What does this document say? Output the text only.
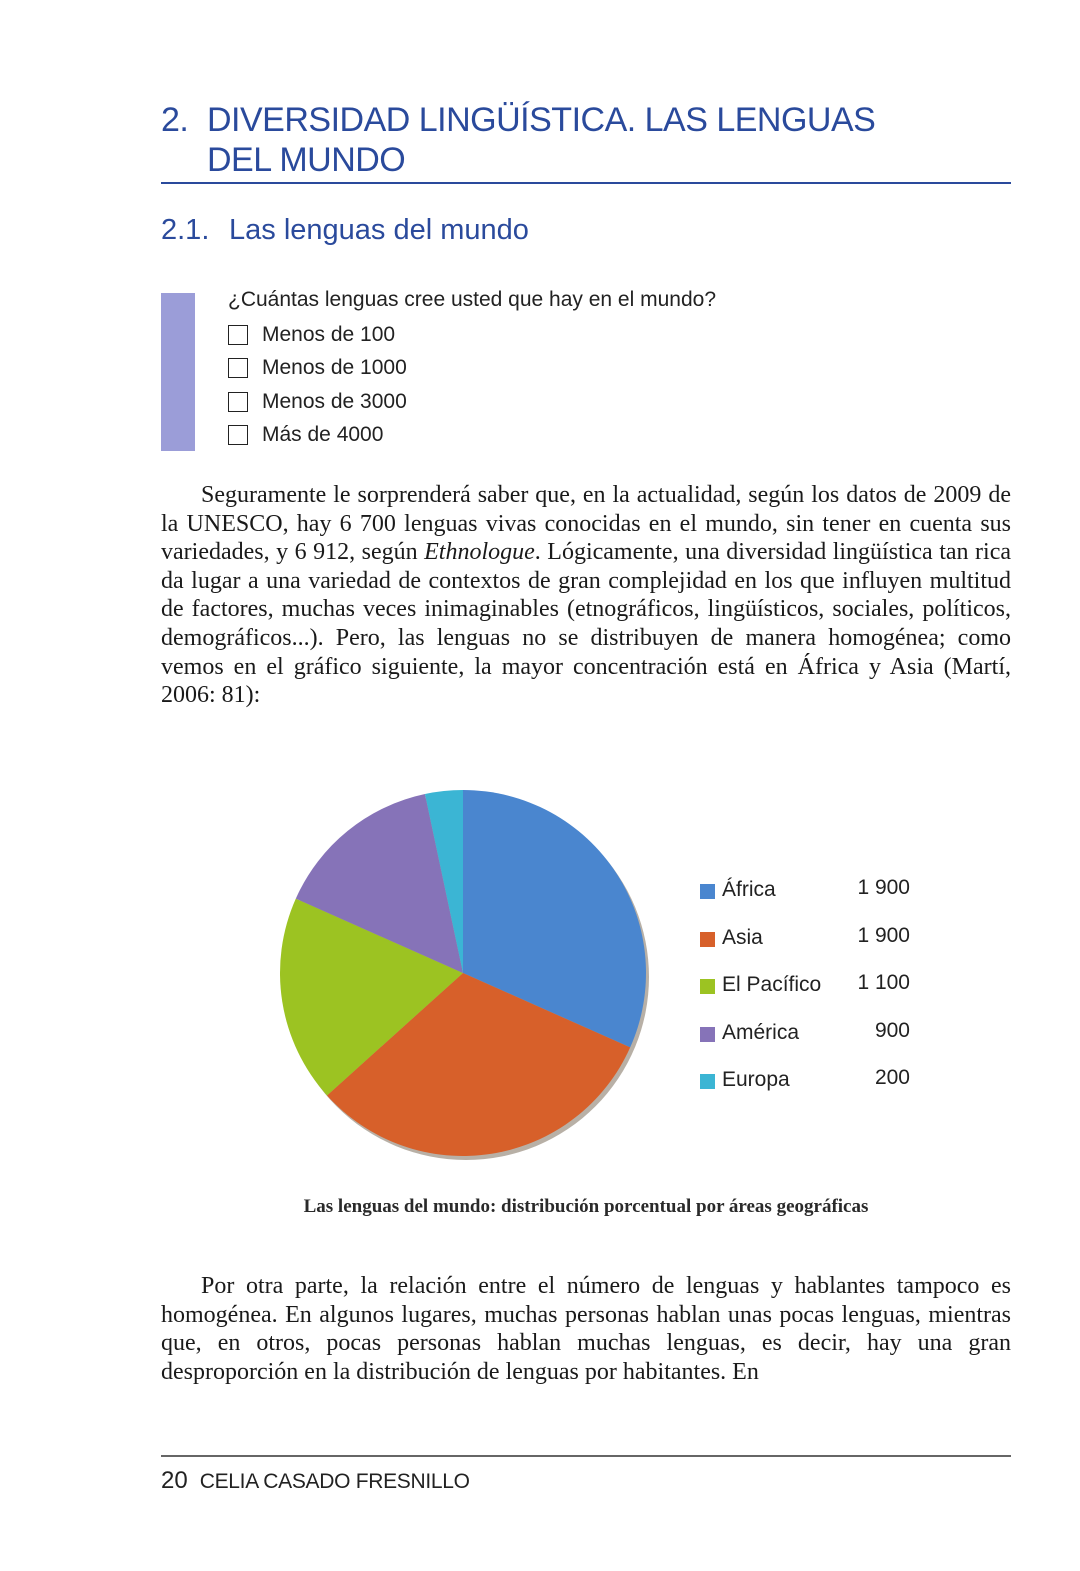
2. DIVERSIDAD LINGÜÍSTICA. LAS LENGUAS
DEL MUNDO
2.1. Las lenguas del mundo
¿Cuántas lenguas cree usted que hay en el mundo?
Menos de 100
Menos de 1000
Menos de 3000
Más de 4000
Seguramente le sorprenderá saber que, en la actualidad, según los datos de 2009 de la UNESCO, hay 6 700 lenguas vivas conocidas en el mundo, sin tener en cuenta sus variedades, y 6 912, según Ethnologue. Lógicamente, una diversidad lingüística tan rica da lugar a una variedad de contextos de gran complejidad en los que influyen multitud de factores, muchas veces inimaginables (etnográficos, lingüísticos, sociales, políticos, demográficos...). Pero, las lenguas no se distribuyen de manera homogénea; como vemos en el gráfico siguiente, la mayor concentración está en África y Asia (Martí, 2006: 81):
África	1 900
Asia	1 900
El Pacífico 1 100
América	900
Europa	200
Las lenguas del mundo: distribución porcentual por áreas geográficas
Por otra parte, la relación entre el número de lenguas y hablantes tampoco es homogénea. En algunos lugares, muchas personas hablan unas pocas lenguas, mientras que, en otros, pocas personas hablan muchas lenguas, es decir, hay una gran desproporción en la distribución de lenguas por habitantes. En
20 CELIA CASADO FRESNILLO
